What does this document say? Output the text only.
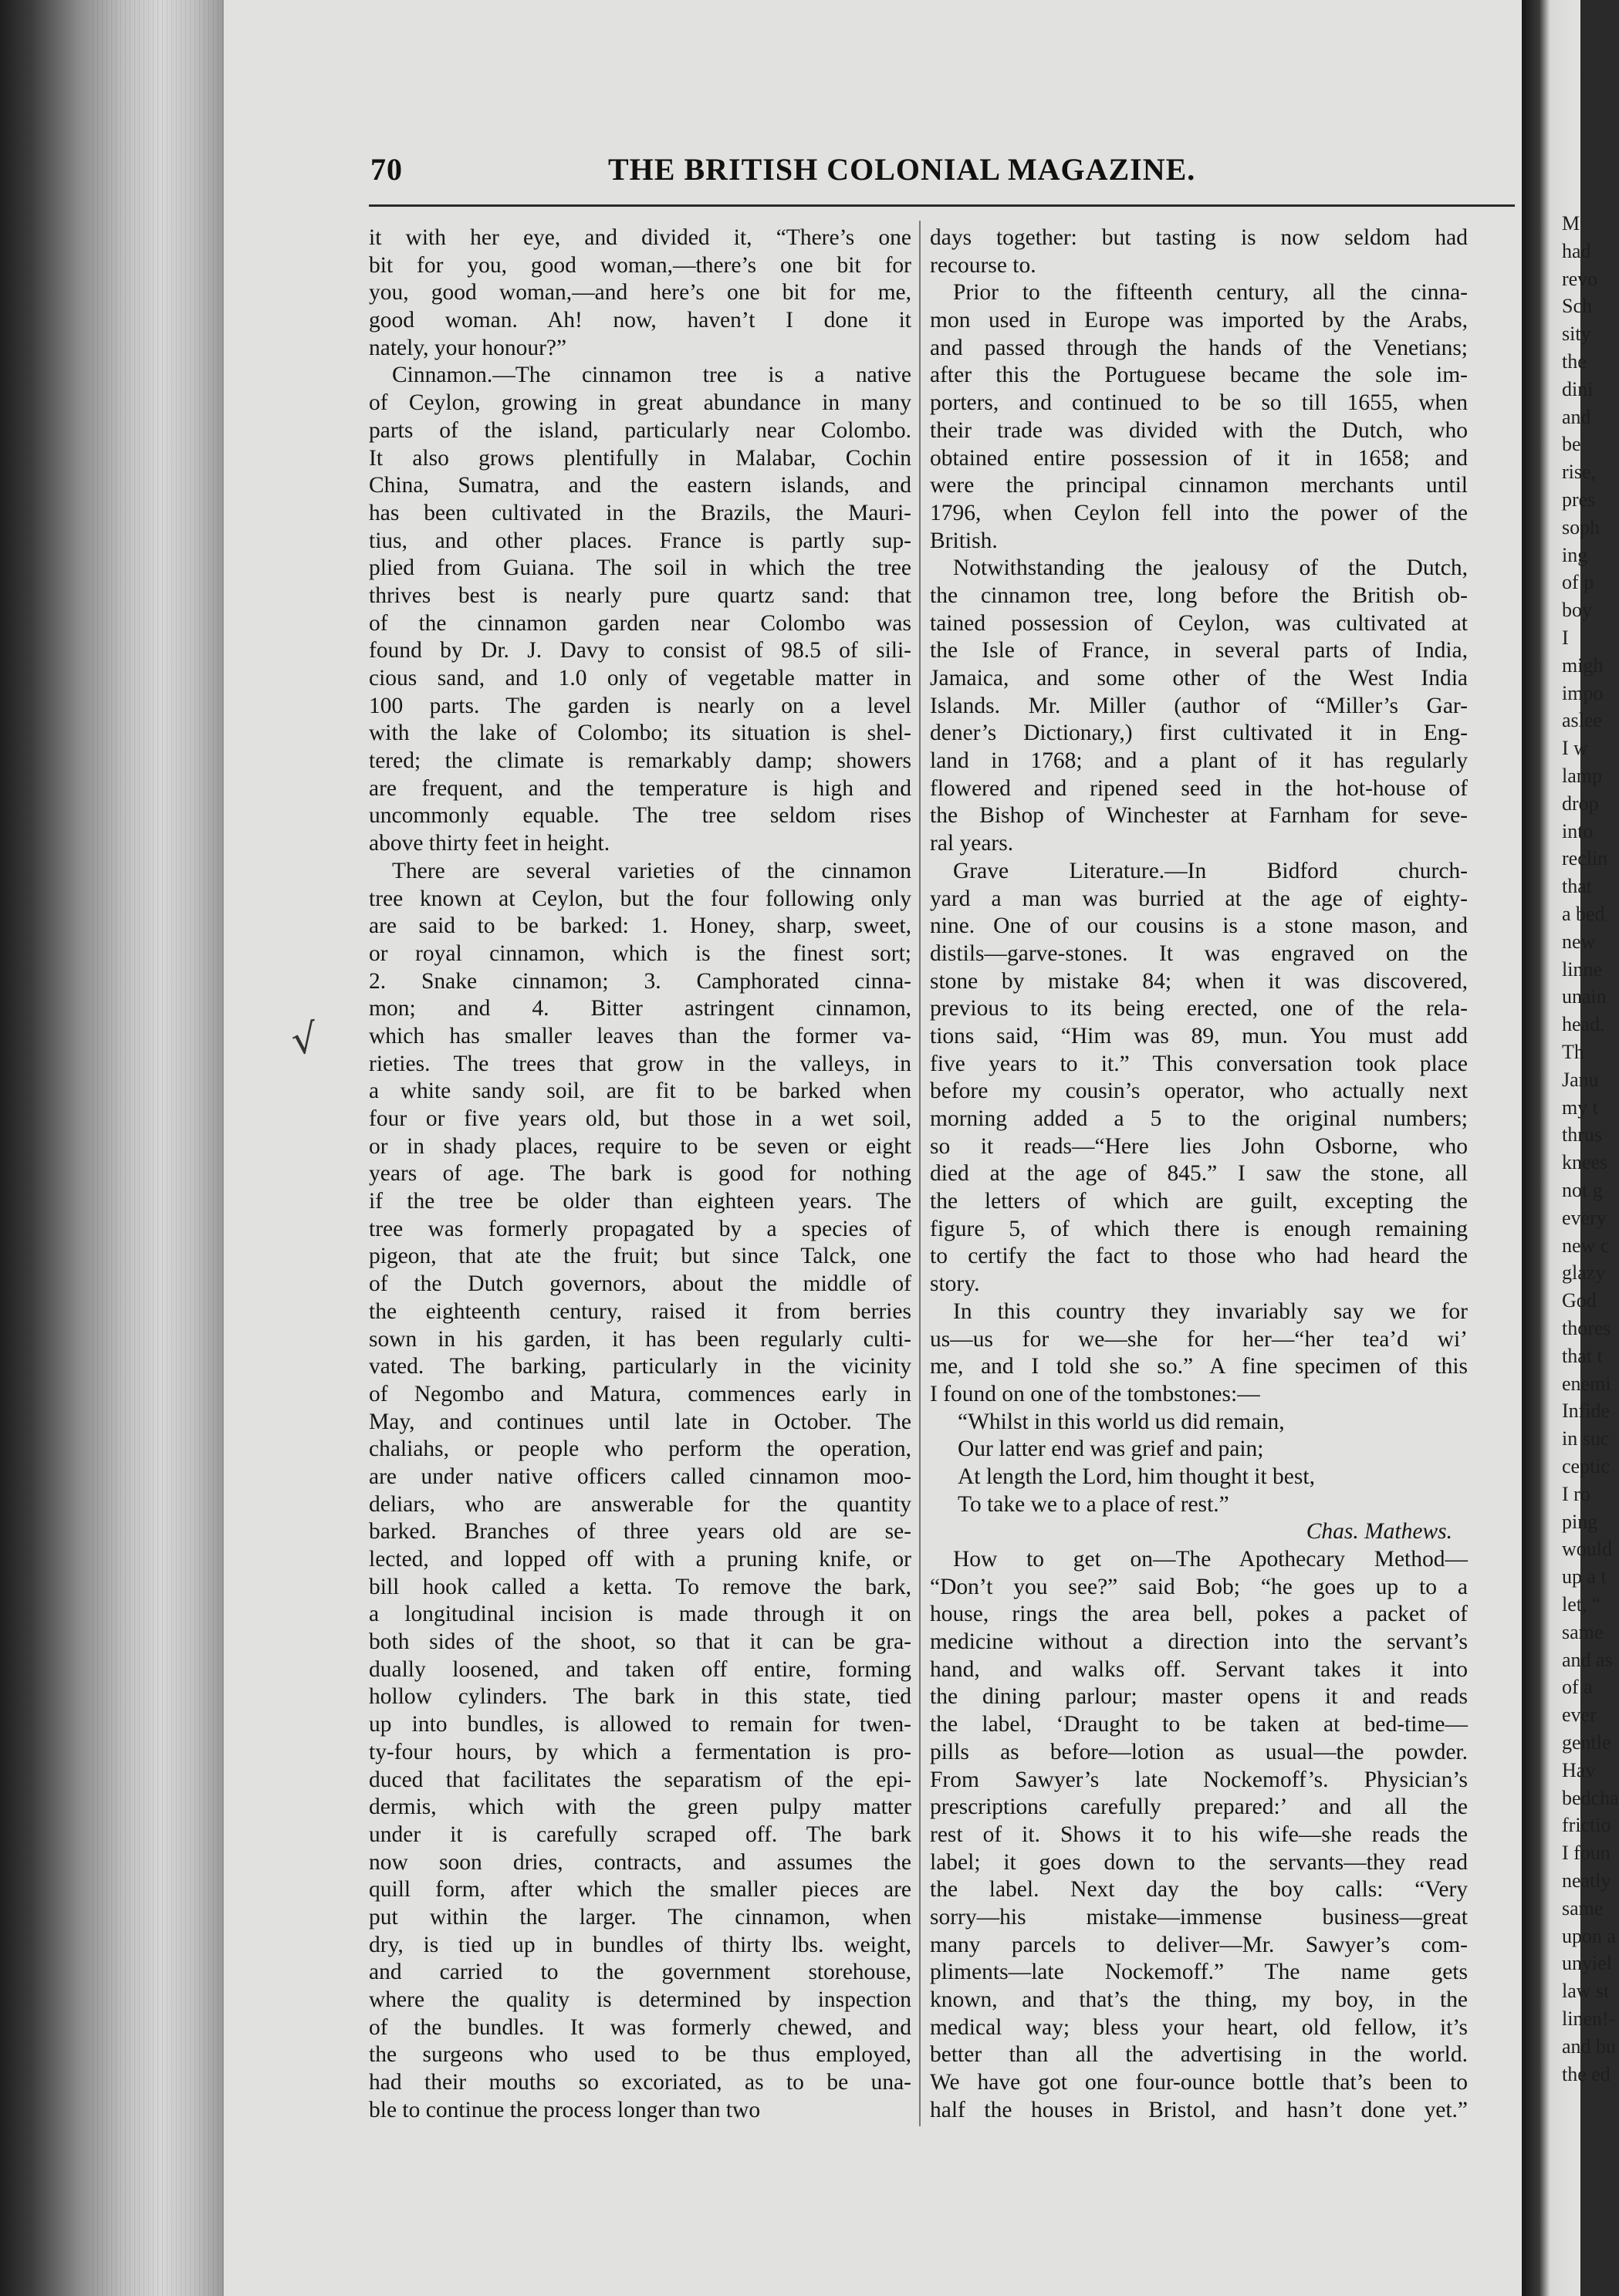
M
had
revo
Sch
sity
the
dini
and
be
rise,
pres
soph
ing
of p
boy
I
migh
impo
aslee
I w
lamp
drop
into
reclin
that
a bed
new
linne
unain
head.
Th
Janu
my t
thrus
knees
not g
every
new c
glazy
God
thores
that t
enemi
Infide
in suc
ceptic
I ro
ping
would
up a t
let, “
same
and as
of a
ever
gentle
Hav
bedcha
frictio
I foun
neatly
same
upon a
unyiel
law st
linen!-
and bu
the ed
70	THE BRITISH COLONIAL MAGAZINE.
√
it with her eye, and divided it, “There’s one
bit for you, good woman,—there’s one bit for
you, good woman,—and here’s one bit for me,
good woman. Ah! now, haven’t I done it
nately, your honour?”
Cinnamon.—The cinnamon tree is a native
of Ceylon, growing in great abundance in many
parts of the island, particularly near Colombo.
It also grows plentifully in Malabar, Cochin
China, Sumatra, and the eastern islands, and
has been cultivated in the Brazils, the Mauri-
tius, and other places. France is partly sup-
plied from Guiana. The soil in which the tree
thrives best is nearly pure quartz sand: that
of the cinnamon garden near Colombo was
found by Dr. J. Davy to consist of 98.5 of sili-
cious sand, and 1.0 only of vegetable matter in
100 parts. The garden is nearly on a level
with the lake of Colombo; its situation is shel-
tered; the climate is remarkably damp; showers
are frequent, and the temperature is high and
uncommonly equable. The tree seldom rises
above thirty feet in height.
There are several varieties of the cinnamon
tree known at Ceylon, but the four following only
are said to be barked: 1. Honey, sharp, sweet,
or royal cinnamon, which is the finest sort;
2. Snake cinnamon; 3. Camphorated cinna-
mon; and 4. Bitter astringent cinnamon,
which has smaller leaves than the former va-
rieties. The trees that grow in the valleys, in
a white sandy soil, are fit to be barked when
four or five years old, but those in a wet soil,
or in shady places, require to be seven or eight
years of age. The bark is good for nothing
if the tree be older than eighteen years. The
tree was formerly propagated by a species of
pigeon, that ate the fruit; but since Talck, one
of the Dutch governors, about the middle of
the eighteenth century, raised it from berries
sown in his garden, it has been regularly culti-
vated. The barking, particularly in the vicinity
of Negombo and Matura, commences early in
May, and continues until late in October. The
chaliahs, or people who perform the operation,
are under native officers called cinnamon moo-
deliars, who are answerable for the quantity
barked. Branches of three years old are se-
lected, and lopped off with a pruning knife, or
bill hook called a ketta. To remove the bark,
a longitudinal incision is made through it on
both sides of the shoot, so that it can be gra-
dually loosened, and taken off entire, forming
hollow cylinders. The bark in this state, tied
up into bundles, is allowed to remain for twen-
ty-four hours, by which a fermentation is pro-
duced that facilitates the separatism of the epi-
dermis, which with the green pulpy matter
under it is carefully scraped off. The bark
now soon dries, contracts, and assumes the
quill form, after which the smaller pieces are
put within the larger. The cinnamon, when
dry, is tied up in bundles of thirty lbs. weight,
and carried to the government storehouse,
where the quality is determined by inspection
of the bundles. It was formerly chewed, and
the surgeons who used to be thus employed,
had their mouths so excoriated, as to be una-
ble to continue the process longer than two
days together: but tasting is now seldom had
recourse to.
Prior to the fifteenth century, all the cinna-
mon used in Europe was imported by the Arabs,
and passed through the hands of the Venetians;
after this the Portuguese became the sole im-
porters, and continued to be so till 1655, when
their trade was divided with the Dutch, who
obtained entire possession of it in 1658; and
were the principal cinnamon merchants until
1796, when Ceylon fell into the power of the
British.
Notwithstanding the jealousy of the Dutch,
the cinnamon tree, long before the British ob-
tained possession of Ceylon, was cultivated at
the Isle of France, in several parts of India,
Jamaica, and some other of the West India
Islands. Mr. Miller (author of “Miller’s Gar-
dener’s Dictionary,) first cultivated it in Eng-
land in 1768; and a plant of it has regularly
flowered and ripened seed in the hot-house of
the Bishop of Winchester at Farnham for seve-
ral years.
Grave Literature.—In Bidford church-
yard a man was burried at the age of eighty-
nine. One of our cousins is a stone mason, and
distils—garve-stones. It was engraved on the
stone by mistake 84; when it was discovered,
previous to its being erected, one of the rela-
tions said, “Him was 89, mun. You must add
five years to it.” This conversation took place
before my cousin’s operator, who actually next
morning added a 5 to the original numbers;
so it reads—“Here lies John Osborne, who
died at the age of 845.” I saw the stone, all
the letters of which are guilt, excepting the
figure 5, of which there is enough remaining
to certify the fact to those who had heard the
story.
In this country they invariably say we for
us—us for we—she for her—“her tea’d wi’
me, and I told she so.” A fine specimen of this
I found on one of the tombstones:—
“Whilst in this world us did remain,
Our latter end was grief and pain;
At length the Lord, him thought it best,
To take we to a place of rest.”
Chas. Mathews.
How to get on—The Apothecary Method—
“Don’t you see?” said Bob; “he goes up to a
house, rings the area bell, pokes a packet of
medicine without a direction into the servant’s
hand, and walks off. Servant takes it into
the dining parlour; master opens it and reads
the label, ‘Draught to be taken at bed-time—
pills as before—lotion as usual—the powder.
From Sawyer’s late Nockemoff’s. Physician’s
prescriptions carefully prepared:’ and all the
rest of it. Shows it to his wife—she reads the
label; it goes down to the servants—they read
the label. Next day the boy calls: “Very
sorry—his mistake—immense business—great
many parcels to deliver—Mr. Sawyer’s com-
pliments—late Nockemoff.” The name gets
known, and that’s the thing, my boy, in the
medical way; bless your heart, old fellow, it’s
better than all the advertising in the world.
We have got one four-ounce bottle that’s been to
half the houses in Bristol, and hasn’t done yet.”
